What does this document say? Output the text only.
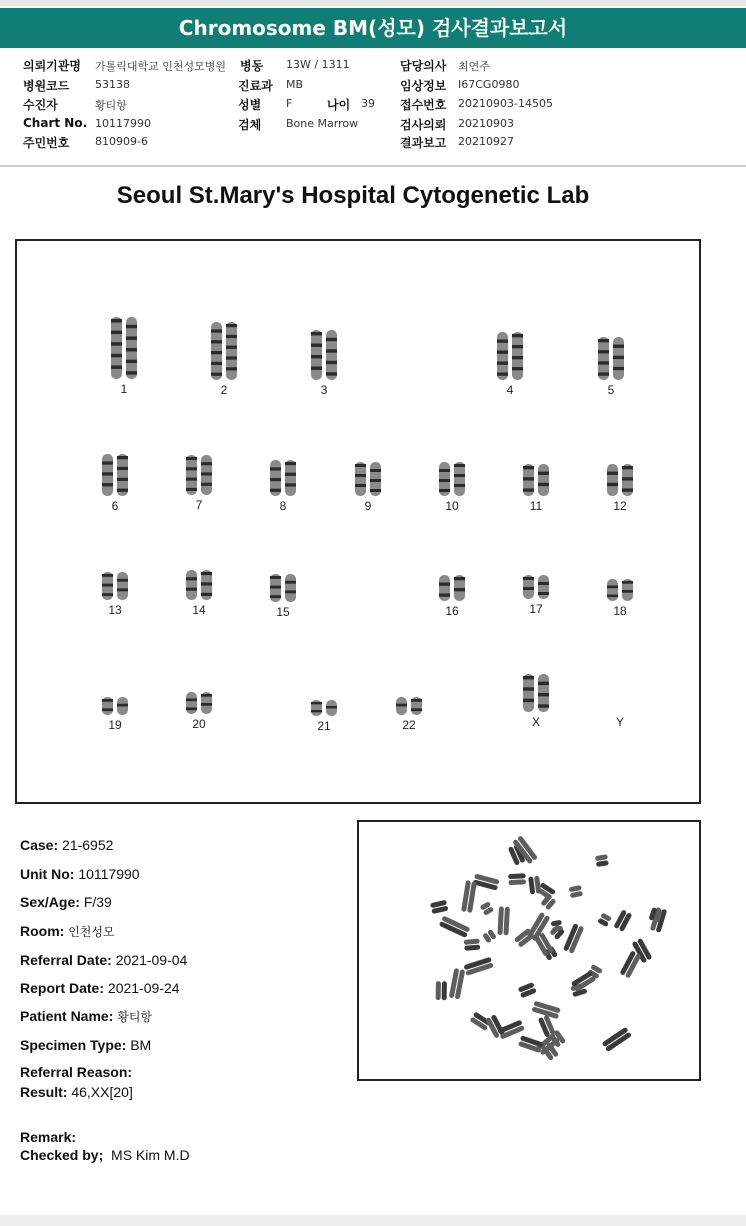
Chromosome BM(성모) 검사결과보고서
의뢰기관명 가톨릭대학교 인천성모병원
병원코드 53138
수진자	황티항
Chart No. 10117990
주민번호 810909-6
병동 13W / 1311
진료과 MB
성별 F	나이 39
검체 Bone Marrow
담당의사 최연주
임상정보 I67CG0980
접수번호 20210903-14505
검사의뢰 20210903
결과보고 20210927
Seoul St.Mary's Hospital Cytogenetic Lab
1	2	3	4	5
6	7	8	9	10	11	12
13	14	15	16	17	18
19	20	21	22	X	Y
Case: 21-6952
Unit No: 10117990
Sex/Age: F/39
Room: 인천성모
Referral Date: 2021-09-04
Report Date: 2021-09-24
Patient Name: 황티항
Specimen Type: BM
Referral Reason:
Result: 46,XX[20]
Remark:
Checked by; MS Kim M.D
